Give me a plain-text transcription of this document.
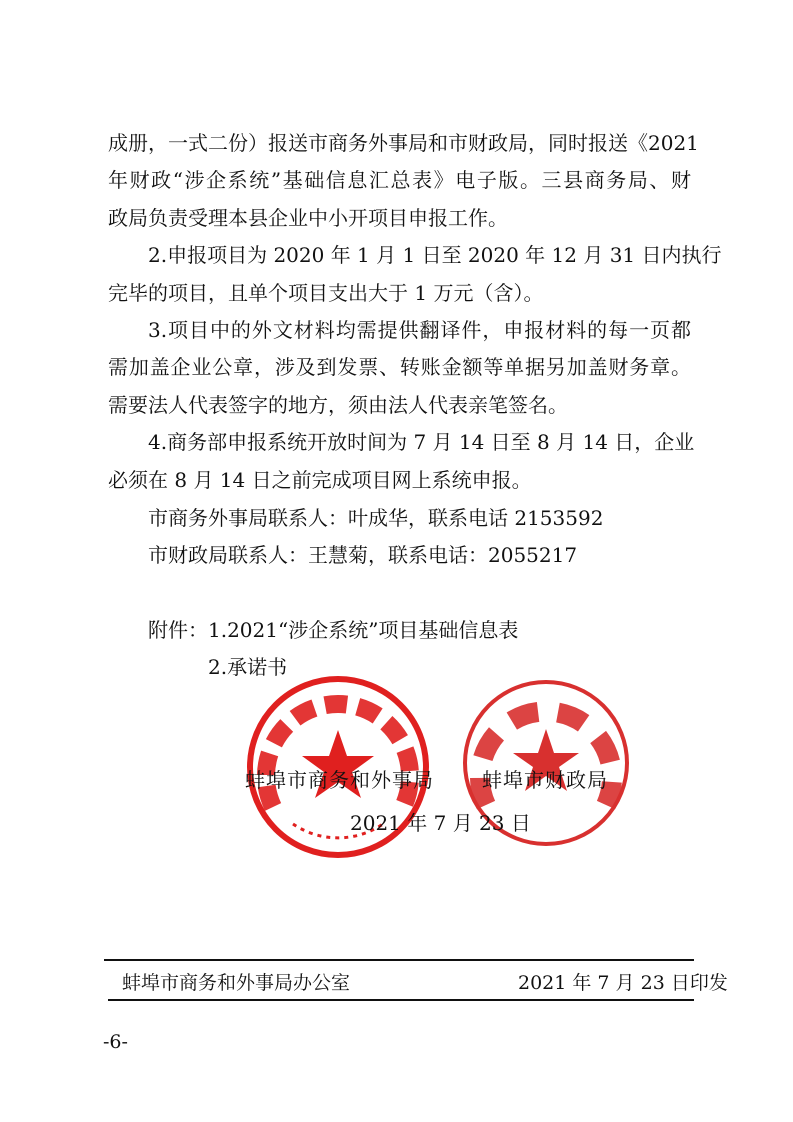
成册，一式二份）报送市商务外事局和市财政局，同时报送《2021
年财政“涉企系统”基础信息汇总表》电子版。三县商务局、财
政局负责受理本县企业中小开项目申报工作。
2.申报项目为 2020 年 1 月 1 日至 2020 年 12 月 31 日内执行
完毕的项目，且单个项目支出大于 1 万元（含）。
3.项目中的外文材料均需提供翻译件，申报材料的每一页都
需加盖企业公章，涉及到发票、转账金额等单据另加盖财务章。
需要法人代表签字的地方，须由法人代表亲笔签名。
4.商务部申报系统开放时间为 7 月 14 日至 8 月 14 日，企业
必须在 8 月 14 日之前完成项目网上系统申报。
市商务外事局联系人：叶成华，联系电话 2153592
市财政局联系人：王慧菊，联系电话：2055217
附件：1.2021“涉企系统”项目基础信息表
2.承诺书
蚌埠市商务和外事局 蚌埠市财政局
2021 年 7 月 23 日
蚌埠市商务和外事局办公室	2021 年 7 月 23 日印发
-6-
